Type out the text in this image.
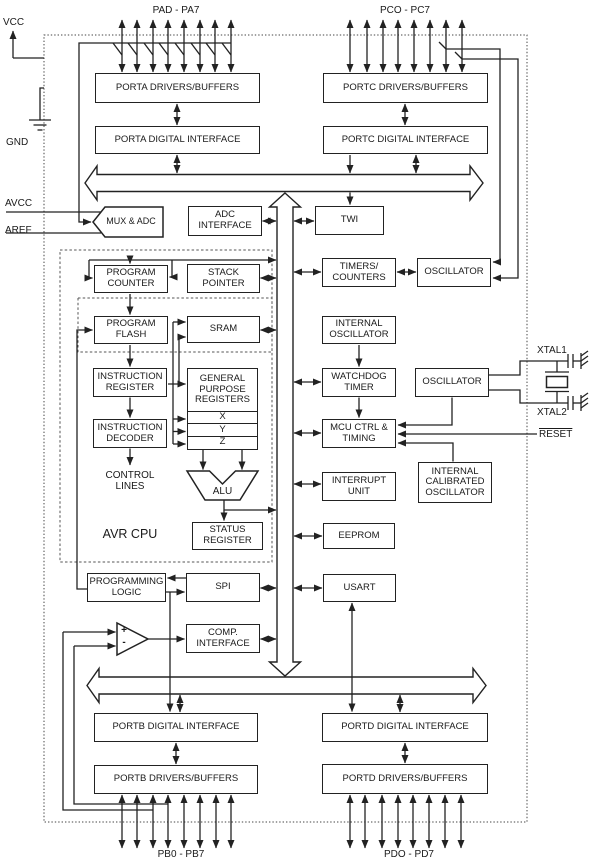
PORTA DRIVERS/BUFFERS
PORTA DIGITAL INTERFACE
PORTC DRIVERS/BUFFERS
PORTC DIGITAL INTERFACE
MUX & ADC
ADC INTERFACE
TWI
TIMERS/ COUNTERS	OSCILLATOR
INTERNAL OSCILLATOR
WATCHDOG TIMER	OSCILLATOR
MCU CTRL & TIMING
INTERRUPT UNIT
INTERNAL CALIBRATED OSCILLATOR
EEPROM
USART
PROGRAM COUNTER
STACK POINTER
PROGRAM FLASH
SRAM
INSTRUCTION REGISTER
INSTRUCTION DECODER
GENERAL PURPOSE REGISTERS
X
Y
Z
ALU
STATUS REGISTER
PROGRAMMING LOGIC	SPI
COMP. INTERFACE
PORTB DIGITAL INTERFACE
PORTB DRIVERS/BUFFERS
PORTD DIGITAL INTERFACE
PORTD DRIVERS/BUFFERS
VCC
GND
AVCC
AREF
PAD - PA7	PCO - PC7
PB0 - PB7	PDO - PD7
XTAL1
XTAL2
RESET
CONTROL LINES
AVR CPU
+
-
